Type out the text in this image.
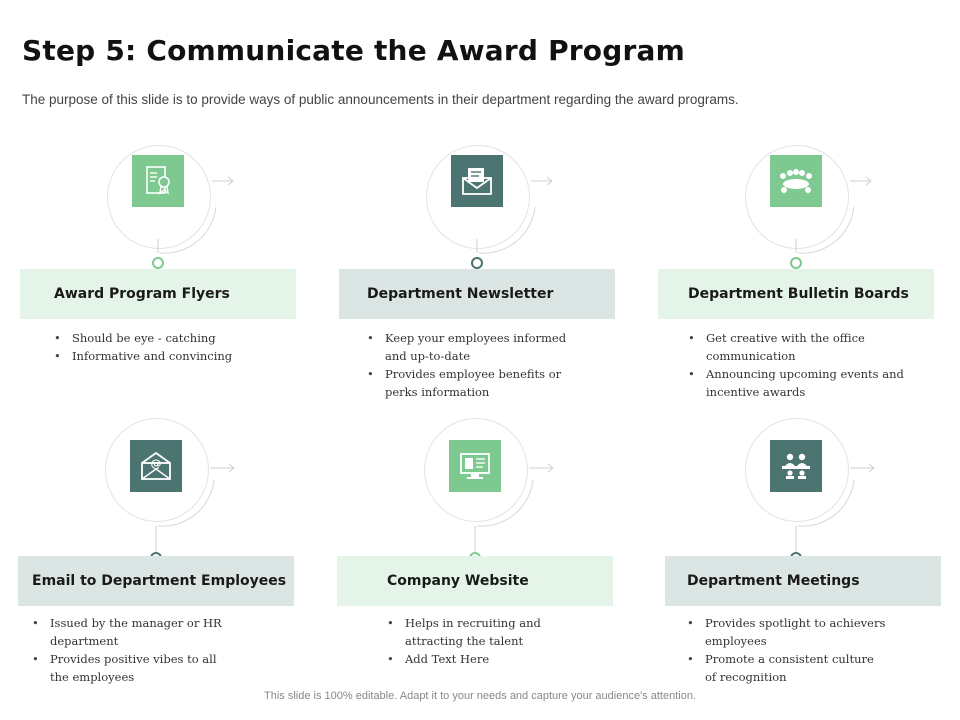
Step 5: Communicate the Award Program

The purpose of this slide is to provide ways of public announcements in their department regarding the award programs.

Award Program Flyers
• Should be eye - catching
• Informative and convincing
Department Newsletter
• Keep your employees informed and up-to-date
• Provides employee benefits or perks information
Department Bulletin Boards
• Get creative with the office communication
• Announcing upcoming events and incentive awards
@
Email to Department Employees
• Issued by the manager or HR department
• Provides positive vibes to all the employees
Company Website
• Helps in recruiting and attracting the talent
• Add Text Here
Department Meetings
• Provides spotlight to achievers employees
• Promote a consistent culture of recognition

This slide is 100% editable. Adapt it to your needs and capture your audience's attention.
